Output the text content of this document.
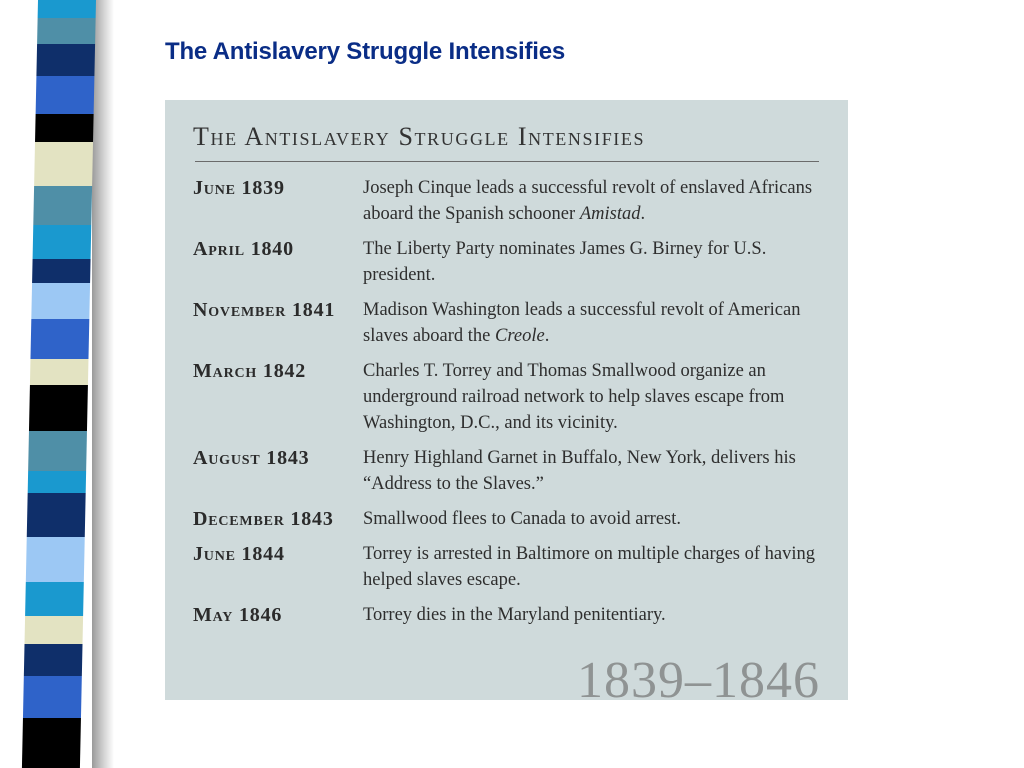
The Antislavery Struggle Intensifies
The Antislavery Struggle Intensifies
June 1839	Joseph Cinque leads a successful revolt of enslaved Africans aboard the Spanish schooner Amistad.
April 1840	The Liberty Party nominates James G. Birney for U.S. president.
November 1841	Madison Washington leads a successful revolt of American slaves aboard the Creole.
March 1842	Charles T. Torrey and Thomas Smallwood organize an underground railroad network to help slaves escape from Washington, D.C., and its vicinity.
August 1843	Henry Highland Garnet in Buffalo, New York, delivers his “Address to the Slaves.”
December 1843	Smallwood flees to Canada to avoid arrest.
June 1844	Torrey is arrested in Baltimore on multiple charges of having helped slaves escape.
May 1846	Torrey dies in the Maryland penitentiary.
1839–1846
